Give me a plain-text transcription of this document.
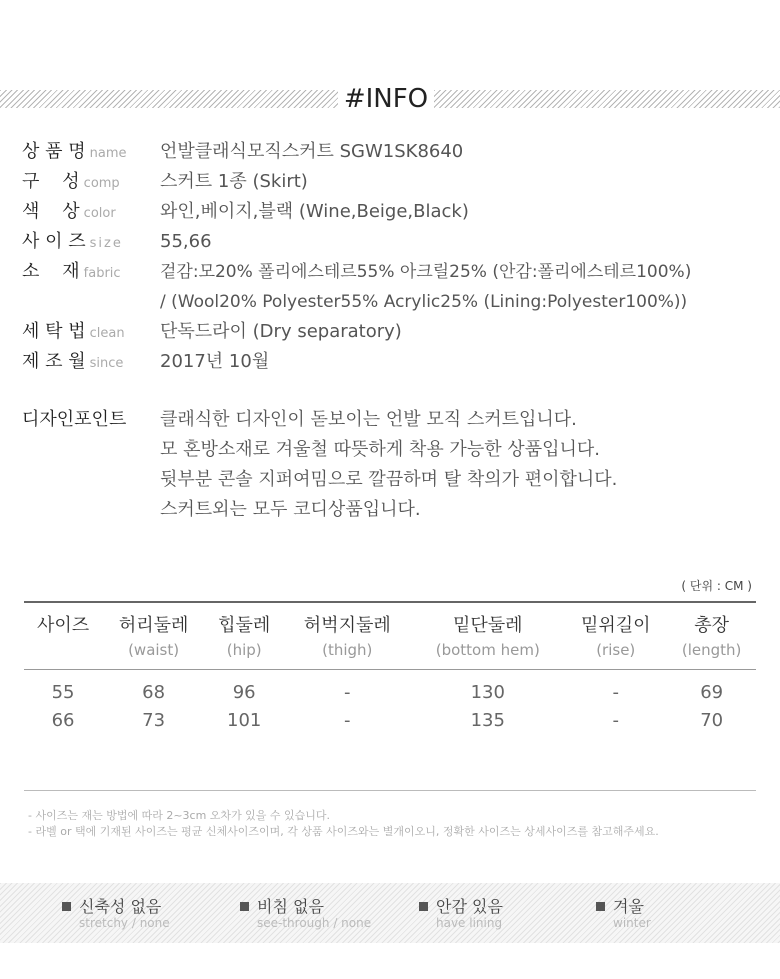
#INFO
상 품 명 name	언발클래식모직스커트 SGW1SK8640
구    성 comp	스커트 1종 (Skirt)
색    상 color	와인,베이지,블랙 (Wine,Beige,Black)
사 이 즈 size	55,66
소    재 fabric	겉감:모20% 폴리에스테르55% 아크릴25% (안감:폴리에스테르100%)
/ (Wool20% Polyester55% Acrylic25% (Lining:Polyester100%))
세 탁 법 clean	단독드라이 (Dry separatory)
제 조 월 since	2017년 10월
디자인포인트	클래식한 디자인이 돋보이는 언발 모직 스커트입니다.
모 혼방소재로 겨울철 따뜻하게 착용 가능한 상품입니다.
뒷부분 콘솔 지퍼여밈으로 깔끔하며 탈 착의가 편이합니다.
스커트외는 모두 코디상품입니다.
( 단위 : CM )
사이즈	허리둘레	힙둘레	허벅지둘레	밑단둘레	밑위길이	총장
	(waist)	(hip)	(thigh)	(bottom hem)	(rise)	(length)

55	68	96	-	130	-	69
66	73	101	-	135	-	70
- 사이즈는 재는 방법에 따라 2~3cm 오차가 있을 수 있습니다.
- 라벨 or 택에 기재된 사이즈는 평균 신체사이즈이며, 각 상품 사이즈와는 별개이오니, 정확한 사이즈는 상세사이즈를 참고해주세요.
신축성 없음
stretchy / none
비침 없음
see-through / none
안감 있음
have lining
겨울
winter
